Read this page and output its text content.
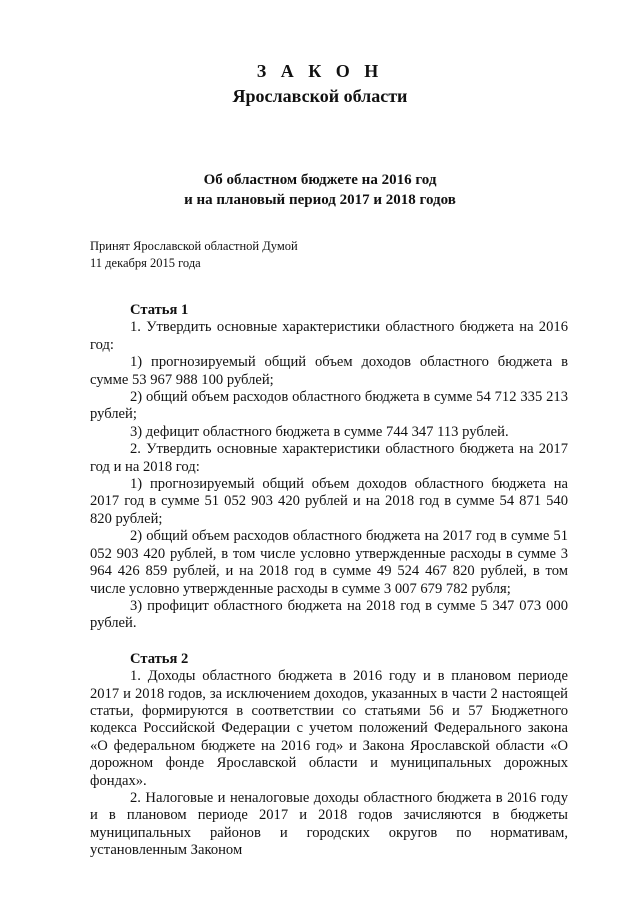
З А К О Н
Ярославской области
Об областном бюджете на 2016 год
и на плановый период 2017 и 2018 годов
Принят Ярославской областной Думой
11 декабря 2015 года

Статья 1

1. Утвердить основные характеристики областного бюджета на 2016 год:

1) прогнозируемый общий объем доходов областного бюджета в сумме 53 967 988 100 рублей;

2) общий объем расходов областного бюджета в сумме 54 712 335 213 рублей;

3) дефицит областного бюджета в сумме 744 347 113 рублей.

2. Утвердить основные характеристики областного бюджета на 2017 год и на 2018 год:

1) прогнозируемый общий объем доходов областного бюджета на 2017 год в сумме 51 052 903 420 рублей и на 2018 год в сумме 54 871 540 820 рублей;

2) общий объем расходов областного бюджета на 2017 год в сумме 51 052 903 420 рублей, в том числе условно утвержденные расходы в сумме 3 964 426 859 рублей, и на 2018 год в сумме 49 524 467 820 рублей, в том числе условно утвержденные расходы в сумме 3 007 679 782 рубля;

3) профицит областного бюджета на 2018 год в сумме 5 347 073 000 рублей.

Статья 2

1. Доходы областного бюджета в 2016 году и в плановом периоде 2017 и 2018 годов, за исключением доходов, указанных в части 2 настоящей статьи, формируются в соответствии со статьями 56 и 57 Бюджетного кодекса Российской Федерации с учетом положений Федерального закона «О федеральном бюджете на 2016 год» и Закона Ярославской области «О дорожном фонде Ярославской области и муниципальных дорожных фондах».

2. Налоговые и неналоговые доходы областного бюджета в 2016 году и в плановом периоде 2017 и 2018 годов зачисляются в бюджеты муниципальных районов и городских округов по нормативам, установленным Законом
